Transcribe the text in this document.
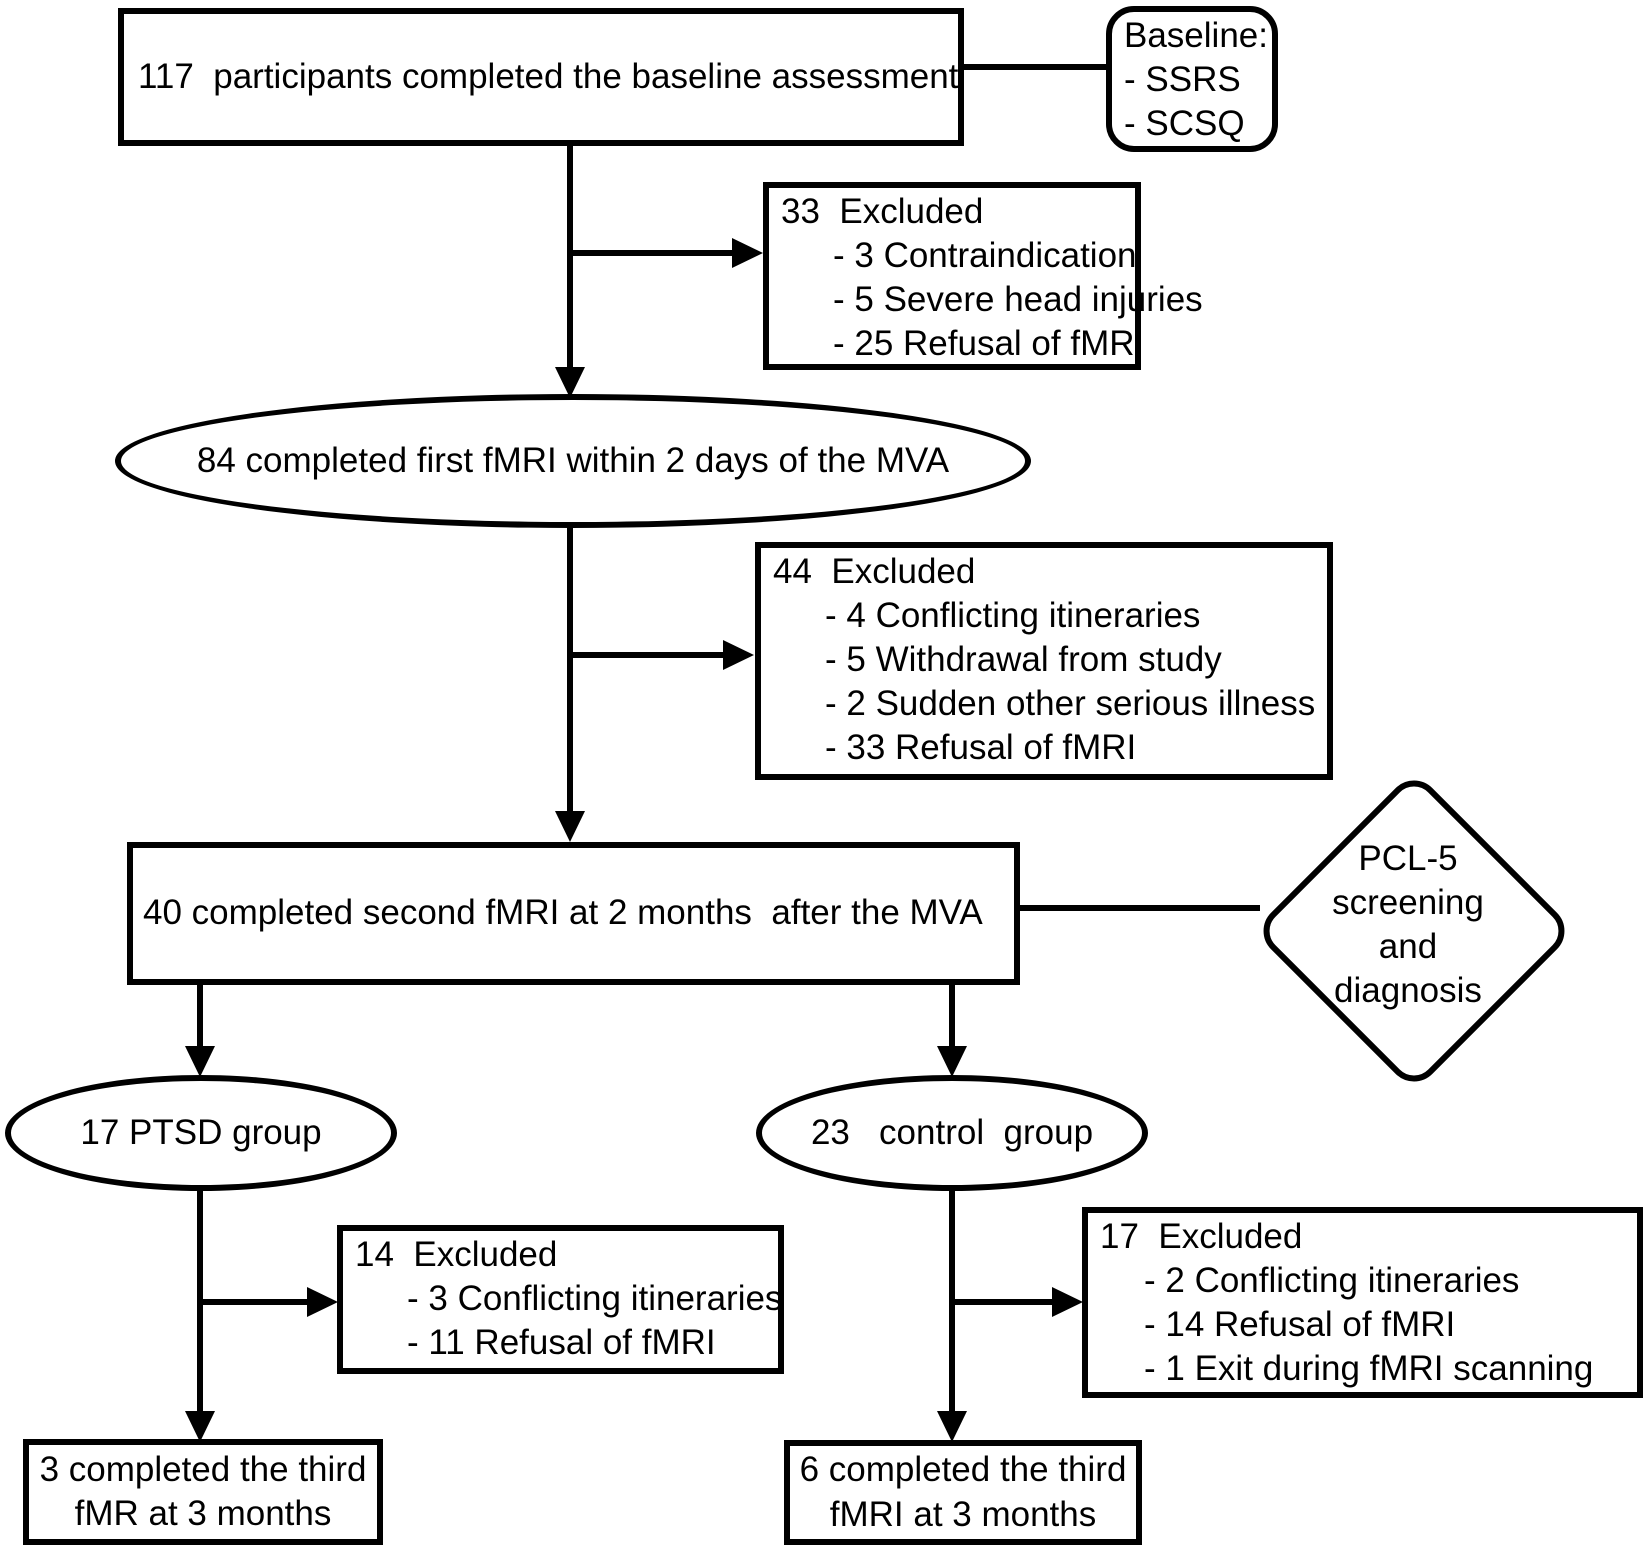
117  participants completed the baseline assessment
Baseline:
- SSRS
- SCSQ
33  Excluded
- 3 Contraindication
- 5 Severe head injuries
- 25 Refusal of fMRI
84 completed first fMRI within 2 days of the MVA
44  Excluded
- 4 Conflicting itineraries
- 5 Withdrawal from study
- 2 Sudden other serious illness
- 33 Refusal of fMRI
40 completed second fMRI at 2 months  after the MVA
PCL-5
screening
and
diagnosis
17 PTSD group	23   control  group
14  Excluded
- 3 Conflicting itineraries
- 11 Refusal of fMRI
17  Excluded
- 2 Conflicting itineraries
- 14 Refusal of fMRI
- 1 Exit during fMRI scanning
3 completed the third
fMR at 3 months
6 completed the third
fMRI at 3 months
